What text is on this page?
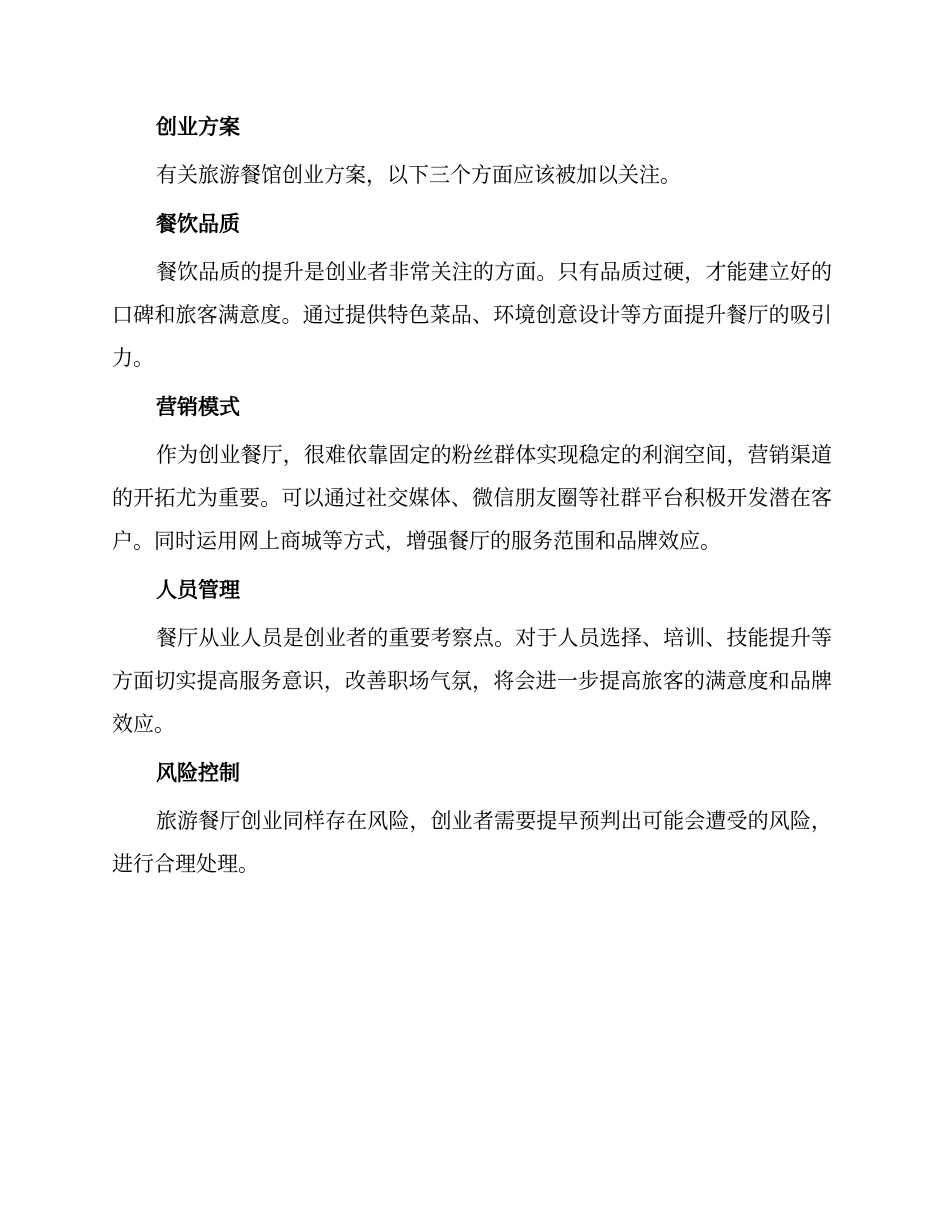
创业方案

有关旅游餐馆创业方案，以下三个方面应该被加以关注。

餐饮品质

餐饮品质的提升是创业者非常关注的方面。只有品质过硬，才能建立好的口碑和旅客满意度。通过提供特色菜品、环境创意设计等方面提升餐厅的吸引力。

营销模式

作为创业餐厅，很难依靠固定的粉丝群体实现稳定的利润空间，营销渠道的开拓尤为重要。可以通过社交媒体、微信朋友圈等社群平台积极开发潜在客户。同时运用网上商城等方式，增强餐厅的服务范围和品牌效应。

人员管理

餐厅从业人员是创业者的重要考察点。对于人员选择、培训、技能提升等方面切实提高服务意识，改善职场气氛，将会进一步提高旅客的满意度和品牌效应。

风险控制

旅游餐厅创业同样存在风险，创业者需要提早预判出可能会遭受的风险，进行合理处理。
